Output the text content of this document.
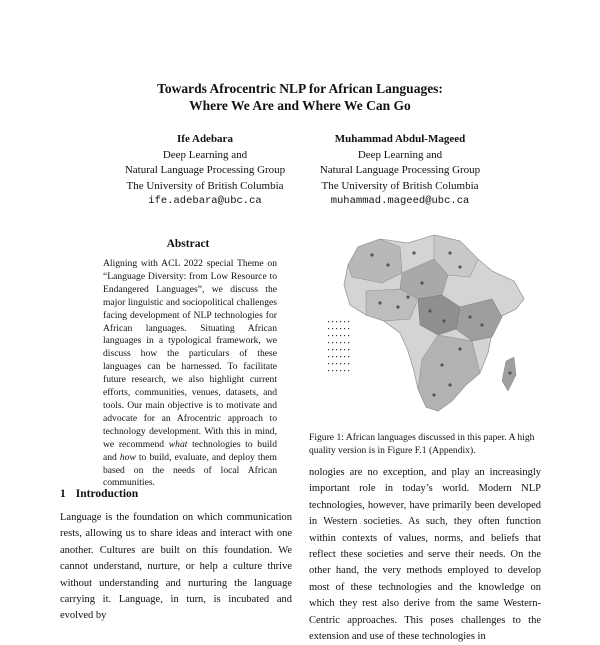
Towards Afrocentric NLP for African Languages:
Where We Are and Where We Can Go
Ife Adebara
Deep Learning and
Natural Language Processing Group
The University of British Columbia
ife.adebara@ubc.ca
Muhammad Abdul-Mageed
Deep Learning and
Natural Language Processing Group
The University of British Columbia
muhammad.mageed@ubc.ca
Abstract
Aligning with ACL 2022 special Theme on “Language Diversity: from Low Resource to Endangered Languages”, we discuss the major linguistic and sociopolitical challenges facing development of NLP technologies for African languages. Situating African languages in a typological framework, we discuss how the particulars of these languages can be harnessed. To facilitate future research, we also highlight current efforts, communities, venues, datasets, and tools. Our main objective is to motivate and advocate for an Afrocentric approach to technology development. With this in mind, we recommend what technologies to build and how to build, evaluate, and deploy them based on the needs of local African communities.
1 Introduction
Language is the foundation on which communication rests, allowing us to share ideas and interact with one another. Cultures are built on this foundation. We cannot understand, nurture, or help a culture thrive without understanding and nurturing the language carrying it. Language, in turn, is incubated and evolved by
Figure 1: African languages discussed in this paper. A high quality version is in Figure F.1 (Appendix).
nologies are no exception, and play an increasingly important role in today’s world. Modern NLP technologies, however, have primarily been developed in Western societies. As such, they often function within contexts of values, norms, and beliefs that reflect these societies and serve their needs. On the other hand, the very methods employed to develop most of these technologies and the knowledge on which they rest also derive from the same Western-Centric approaches. This poses challenges to the extension and use of these technologies in
